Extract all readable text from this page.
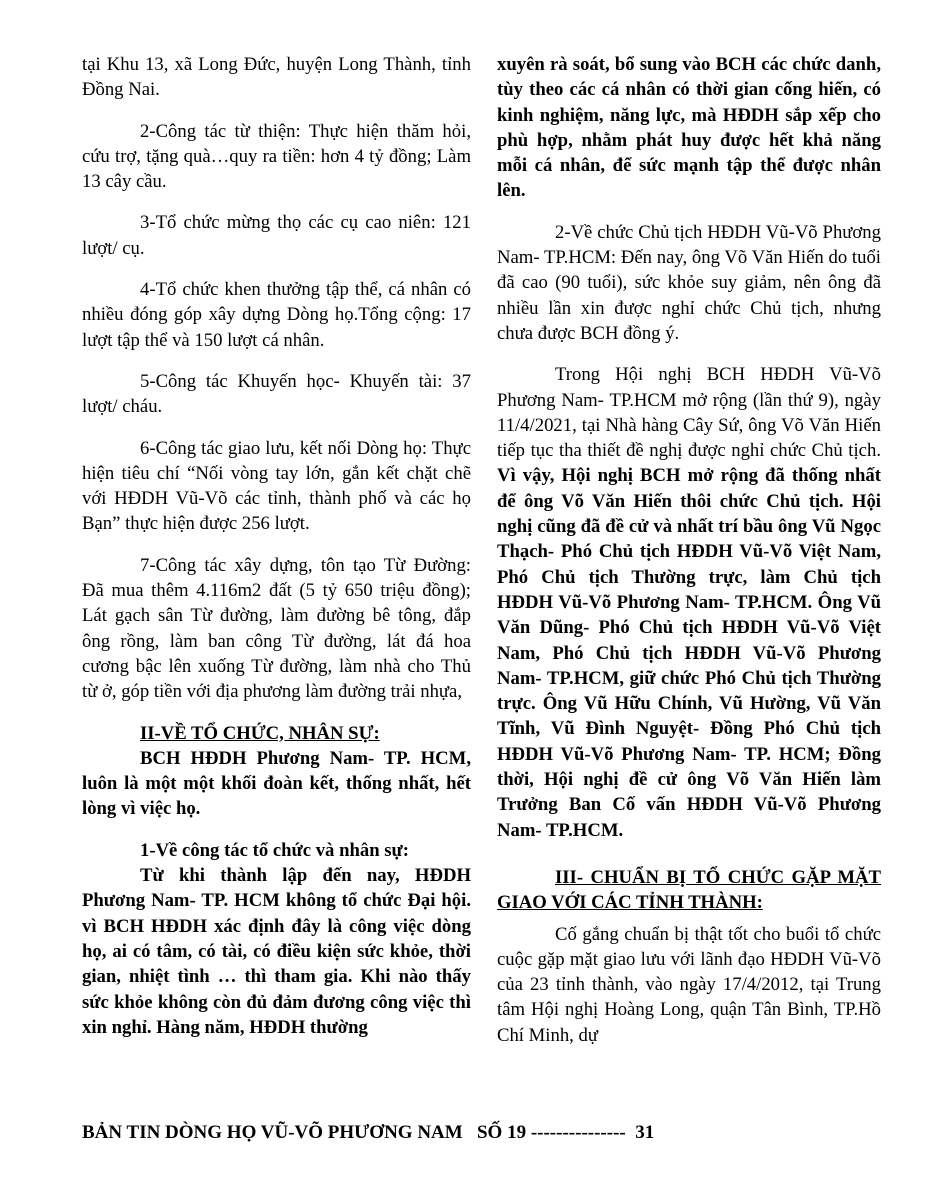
tại Khu 13, xã Long Đức, huyện Long Thành, tỉnh Đồng Nai.

2-Công tác từ thiện: Thực hiện thăm hỏi, cứu trợ, tặng quà…quy ra tiền: hơn 4 tỷ đồng; Làm 13 cây cầu.

3-Tổ chức mừng thọ các cụ cao niên: 121 lượt/ cụ.

4-Tổ chức khen thưởng tập thể, cá nhân có nhiều đóng góp xây dựng Dòng họ.Tổng cộng: 17 lượt tập thể và 150 lượt cá nhân.

5-Công tác Khuyến học- Khuyến tài: 37 lượt/ cháu.

6-Công tác giao lưu, kết nối Dòng họ: Thực hiện tiêu chí “Nối vòng tay lớn, gắn kết chặt chẽ với HĐDH Vũ-Võ các tỉnh, thành phố và các họ Bạn” thực hiện được 256 lượt.

7-Công tác xây dựng, tôn tạo Từ Đường: Đã mua thêm 4.116m2 đất (5 tỷ 650 triệu đồng); Lát gạch sân Từ đường, làm đường bê tông, đắp ông rồng, làm ban công Từ đường, lát đá hoa cương bậc lên xuống Từ đường, làm nhà cho Thủ từ ở, góp tiền với địa phương làm đường trải nhựa,

II-VỀ TỔ CHỨC, NHÂN SỰ:

BCH HĐDH Phương Nam- TP. HCM, luôn là một một khối đoàn kết, thống nhất, hết lòng vì việc họ.

1-Về công tác tổ chức và nhân sự:

Từ khi thành lập đến nay, HĐDH Phương Nam- TP. HCM không tổ chức Đại hội. vì BCH HĐDH xác định đây là công việc dòng họ, ai có tâm, có tài, có điều kiện sức khỏe, thời gian, nhiệt tình … thì tham gia. Khi nào thấy sức khỏe không còn đủ đảm đương công việc thì xin nghỉ. Hàng năm, HĐDH thường

xuyên rà soát, bổ sung vào BCH các chức danh, tùy theo các cá nhân có thời gian cống hiến, có kinh nghiệm, năng lực, mà HĐDH sắp xếp cho phù hợp, nhằm phát huy được hết khả năng mỗi cá nhân, để sức mạnh tập thể được nhân lên.

2-Về chức Chủ tịch HĐDH Vũ-Võ Phương Nam- TP.HCM: Đến nay, ông Võ Văn Hiến do tuổi đã cao (90 tuổi), sức khỏe suy giảm, nên ông đã nhiều lần xin được nghỉ chức Chủ tịch, nhưng chưa được BCH đồng ý.

Trong Hội nghị BCH HĐDH Vũ-Võ Phương Nam- TP.HCM mở rộng (lần thứ 9), ngày 11/4/2021, tại Nhà hàng Cây Sứ, ông Võ Văn Hiến tiếp tục tha thiết đề nghị được nghỉ chức Chủ tịch. Vì vậy, Hội nghị BCH mở rộng đã thống nhất để ông Võ Văn Hiến thôi chức Chủ tịch. Hội nghị cũng đã đề cử và nhất trí bầu ông Vũ Ngọc Thạch- Phó Chủ tịch HĐDH Vũ-Võ Việt Nam, Phó Chủ tịch Thường trực, làm Chủ tịch HĐDH Vũ-Võ Phương Nam- TP.HCM. Ông Vũ Văn Dũng- Phó Chủ tịch HĐDH Vũ-Võ Việt Nam, Phó Chủ tịch HĐDH Vũ-Võ Phương Nam- TP.HCM, giữ chức Phó Chủ tịch Thường trực. Ông Vũ Hữu Chính, Vũ Hường, Vũ Văn Tĩnh, Vũ Đình Nguyệt- Đồng Phó Chủ tịch HĐDH Vũ-Võ Phương Nam- TP. HCM; Đồng thời, Hội nghị đề cử ông Võ Văn Hiến làm Trưởng Ban Cố vấn HĐDH Vũ-Võ Phương Nam- TP.HCM.

III- CHUẨN BỊ TỔ CHỨC GẶP MẶT GIAO VỚI CÁC TỈNH THÀNH:

Cố gắng chuẩn bị thật tốt cho buổi tổ chức cuộc gặp mặt giao lưu với lãnh đạo HĐDH Vũ-Võ của 23 tỉnh thành, vào ngày 17/4/2012, tại Trung tâm Hội nghị Hoàng Long, quận Tân Bình, TP.Hồ Chí Minh, dự

BẢN TIN DÒNG HỌ VŨ-VÕ PHƯƠNG NAM SỐ 19 --------------- 31
